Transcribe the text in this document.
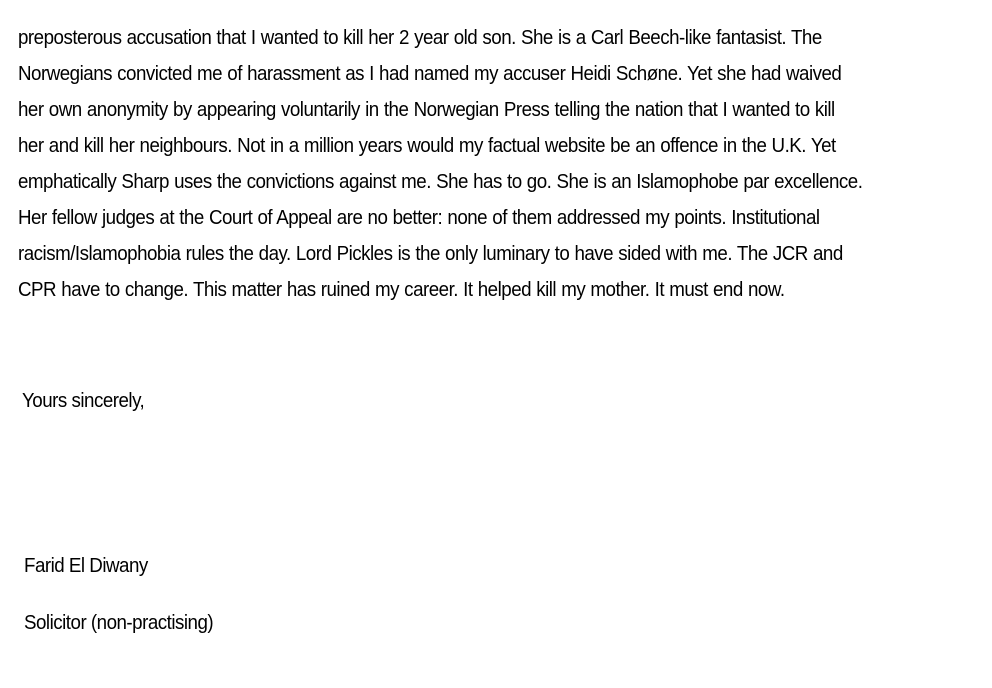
preposterous accusation that I wanted to kill her 2 year old son. She is a Carl Beech-like fantasist. The
Norwegians convicted me of harassment as I had named my accuser Heidi Schøne. Yet she had waived
her own anonymity by appearing voluntarily in the Norwegian Press telling the nation that I wanted to kill
her and kill her neighbours. Not in a million years would my factual website be an offence in the U.K. Yet
emphatically Sharp uses the convictions against me. She has to go. She is an Islamophobe par excellence.
Her fellow judges at the Court of Appeal are no better: none of them addressed my points. Institutional
racism/Islamophobia rules the day. Lord Pickles is the only luminary to have sided with me. The JCR and
CPR have to change. This matter has ruined my career. It helped kill my mother. It must end now.

Yours sincerely,

Farid El Diwany

Solicitor (non-practising)
